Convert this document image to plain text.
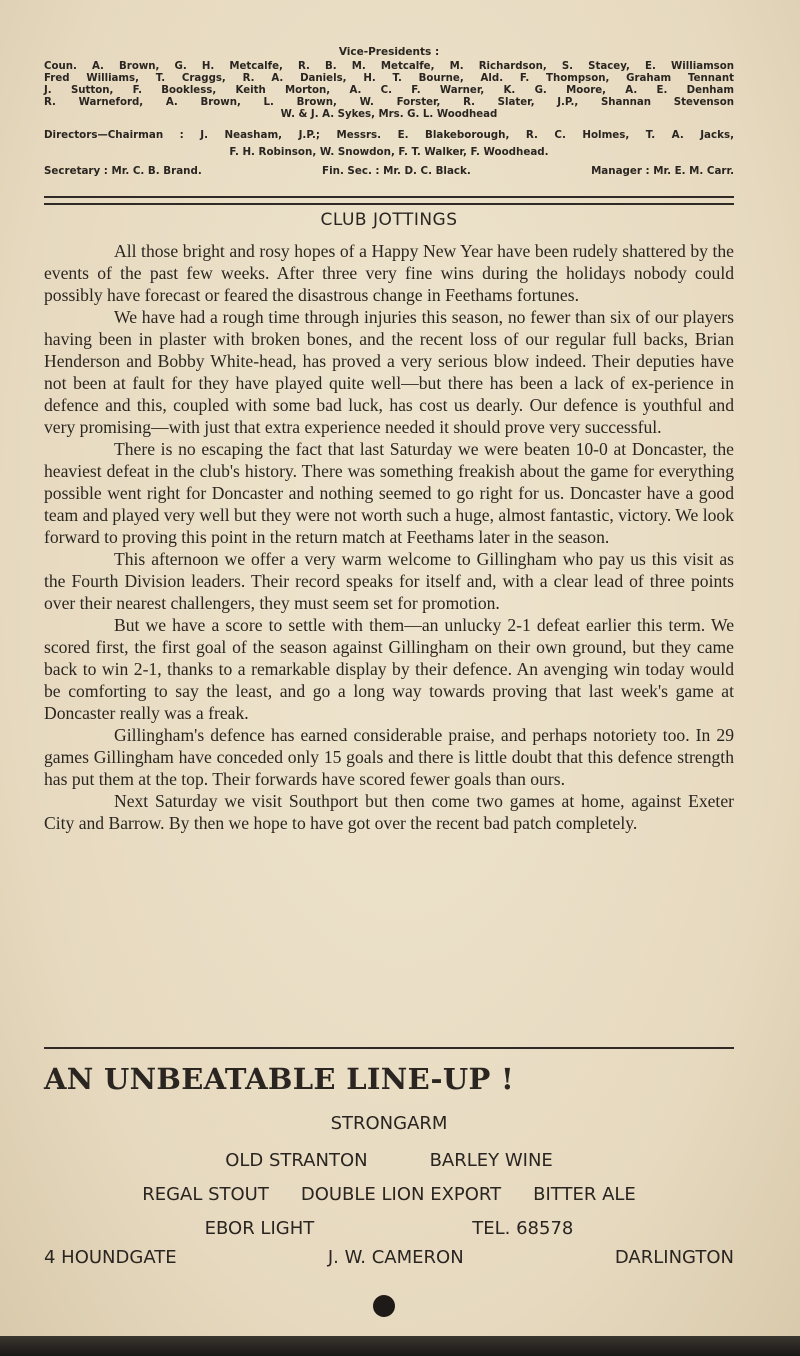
Vice-Presidents :
Coun. A. Brown, G. H. Metcalfe, R. B. M. Metcalfe, M. Richardson, S. Stacey, E. Williamson
Fred Williams, T. Craggs, R. A. Daniels, H. T. Bourne, Ald. F. Thompson, Graham Tennant
J. Sutton, F. Bookless, Keith Morton, A. C. F. Warner, K. G. Moore, A. E. Denham
R. Warneford, A. Brown, L. Brown, W. Forster, R. Slater, J.P., Shannan Stevenson
W. & J. A. Sykes, Mrs. G. L. Woodhead
Directors—Chairman : J. Neasham, J.P.; Messrs. E. Blakeborough, R. C. Holmes, T. A. Jacks,
F. H. Robinson, W. Snowdon, F. T. Walker, F. Woodhead.
Secretary : Mr. C. B. Brand.	Fin. Sec. : Mr. D. C. Black.	Manager : Mr. E. M. Carr.
CLUB JOTTINGS

All those bright and rosy hopes of a Happy New Year have been rudely shattered by the events of the past few weeks. After three very fine wins during the holidays nobody could possibly have forecast or feared the disastrous change in Feethams fortunes.

We have had a rough time through injuries this season, no fewer than six of our players having been in plaster with broken bones, and the recent loss of our regular full backs, Brian Henderson and Bobby White-head, has proved a very serious blow indeed. Their deputies have not been at fault for they have played quite well—but there has been a lack of ex-perience in defence and this, coupled with some bad luck, has cost us dearly. Our defence is youthful and very promising—with just that extra experience needed it should prove very successful.

There is no escaping the fact that last Saturday we were beaten 10-0 at Doncaster, the heaviest defeat in the club's history. There was something freakish about the game for everything possible went right for Doncaster and nothing seemed to go right for us. Doncaster have a good team and played very well but they were not worth such a huge, almost fantastic, victory. We look forward to proving this point in the return match at Feethams later in the season.

This afternoon we offer a very warm welcome to Gillingham who pay us this visit as the Fourth Division leaders. Their record speaks for itself and, with a clear lead of three points over their nearest challengers, they must seem set for promotion.

But we have a score to settle with them—an unlucky 2-1 defeat earlier this term. We scored first, the first goal of the season against Gillingham on their own ground, but they came back to win 2-1, thanks to a remarkable display by their defence. An avenging win today would be comforting to say the least, and go a long way towards proving that last week's game at Doncaster really was a freak.

Gillingham's defence has earned considerable praise, and perhaps notoriety too. In 29 games Gillingham have conceded only 15 goals and there is little doubt that this defence strength has put them at the top. Their forwards have scored fewer goals than ours.

Next Saturday we visit Southport but then come two games at home, against Exeter City and Barrow. By then we hope to have got over the recent bad patch completely.

AN UNBEATABLE LINE-UP !
STRONGARM
OLD STRANTON	BARLEY WINE
REGAL STOUT DOUBLE LION EXPORT BITTER ALE
EBOR LIGHT	TEL. 68578
4 HOUNDGATE	J. W. CAMERON	DARLINGTON
